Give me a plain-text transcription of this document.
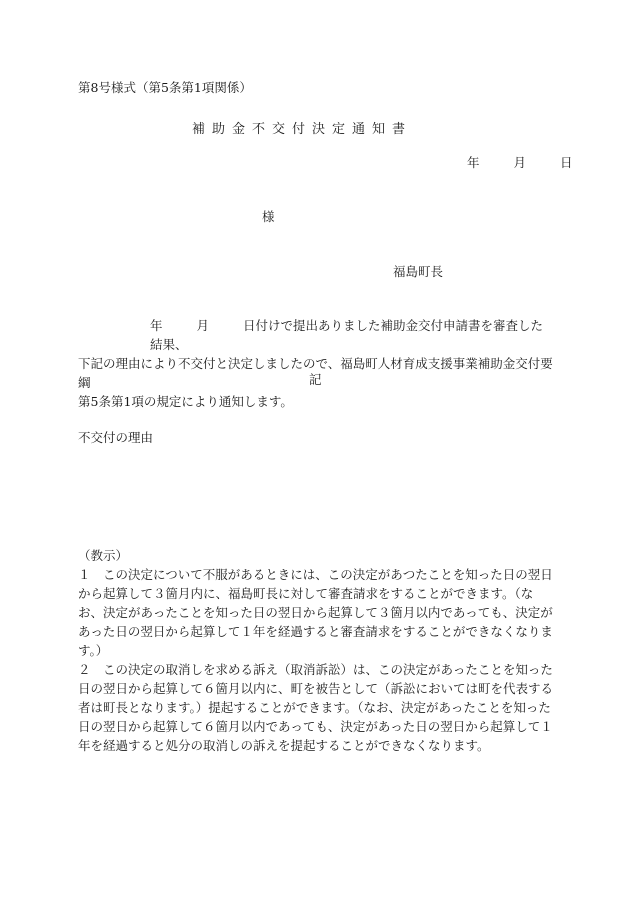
第8号様式（第5条第1項関係）
補助金不交付決定通知書
年	月	日
様
福島町長
年	月	日付けで提出ありました補助金交付申請書を審査した結果、
下記の理由により不交付と決定しましたので、福島町人材育成支援事業補助金交付要綱
第5条第1項の規定により通知します。
記
不交付の理由

（教示）

１　この決定について不服があるときには、この決定があつたことを知った日の翌日から起算して３箇月内に、福島町長に対して審査請求をすることができます。（なお、決定があったことを知った日の翌日から起算して３箇月以内であっても、決定があった日の翌日から起算して１年を経過すると審査請求をすることができなくなります。）

２　この決定の取消しを求める訴え（取消訴訟）は、この決定があったことを知った日の翌日から起算して６箇月以内に、町を被告として（訴訟においては町を代表する者は町長となります。）提起することができます。（なお、決定があったことを知った日の翌日から起算して６箇月以内であっても、決定があった日の翌日から起算して１年を経過すると処分の取消しの訴えを提起することができなくなります。
